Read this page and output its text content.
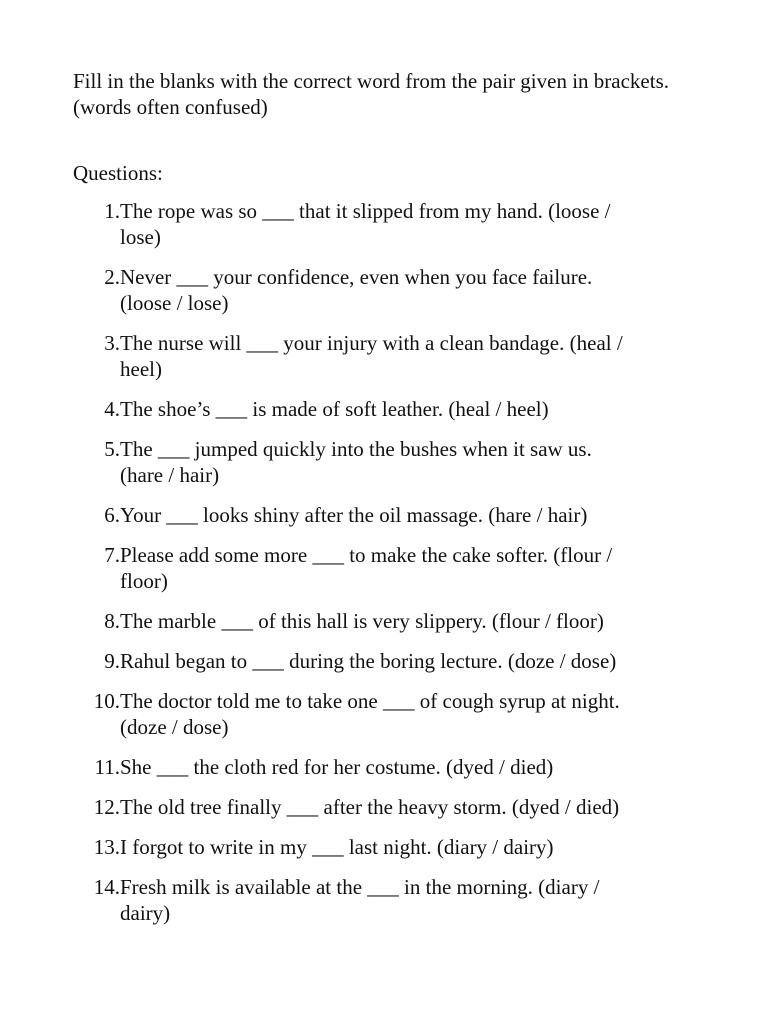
Fill in the blanks with the correct word from the pair given in brackets. (words often confused)

Questions:

1. The rope was so ___ that it slipped from my hand. (loose /
lose)
2. Never ___ your confidence, even when you face failure.
(loose / lose)
3. The nurse will ___ your injury with a clean bandage. (heal /
heel)
4. The shoe’s ___ is made of soft leather. (heal / heel)
5. The ___ jumped quickly into the bushes when it saw us.
(hare / hair)
6. Your ___ looks shiny after the oil massage. (hare / hair)
7. Please add some more ___ to make the cake softer. (flour /
floor)
8. The marble ___ of this hall is very slippery. (flour / floor)
9. Rahul began to ___ during the boring lecture. (doze / dose)
10. The doctor told me to take one ___ of cough syrup at night.
(doze / dose)
11. She ___ the cloth red for her costume. (dyed / died)
12. The old tree finally ___ after the heavy storm. (dyed / died)
13. I forgot to write in my ___ last night. (diary / dairy)
14. Fresh milk is available at the ___ in the morning. (diary /
dairy)
